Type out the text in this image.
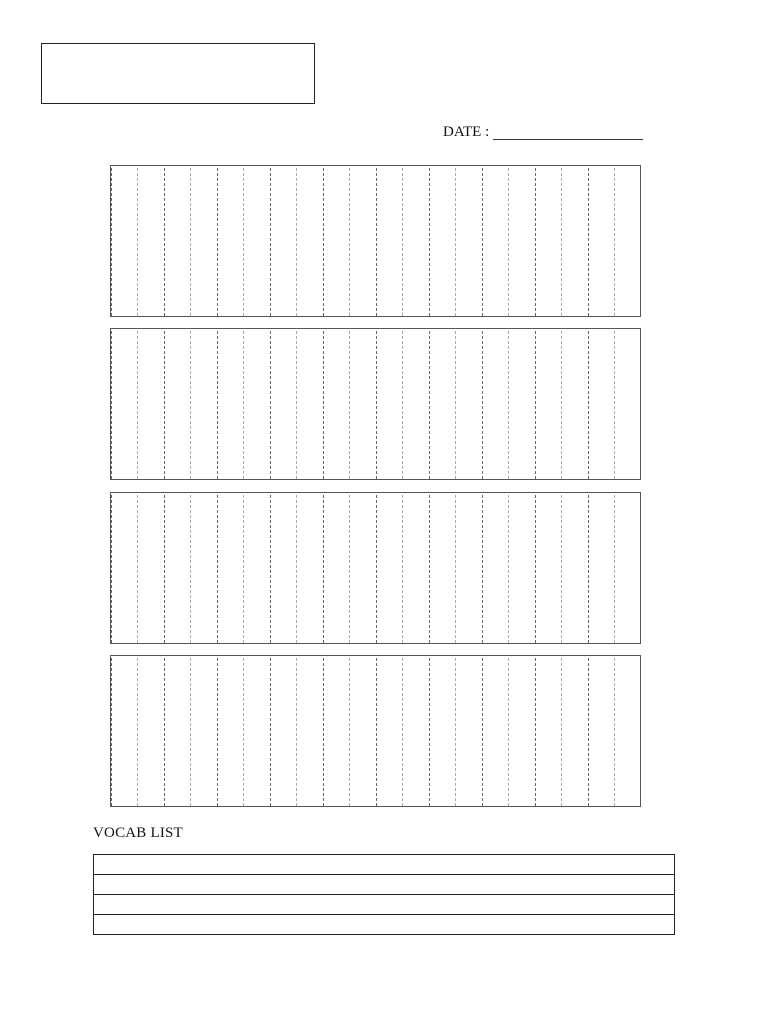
DATE :
VOCAB LIST
